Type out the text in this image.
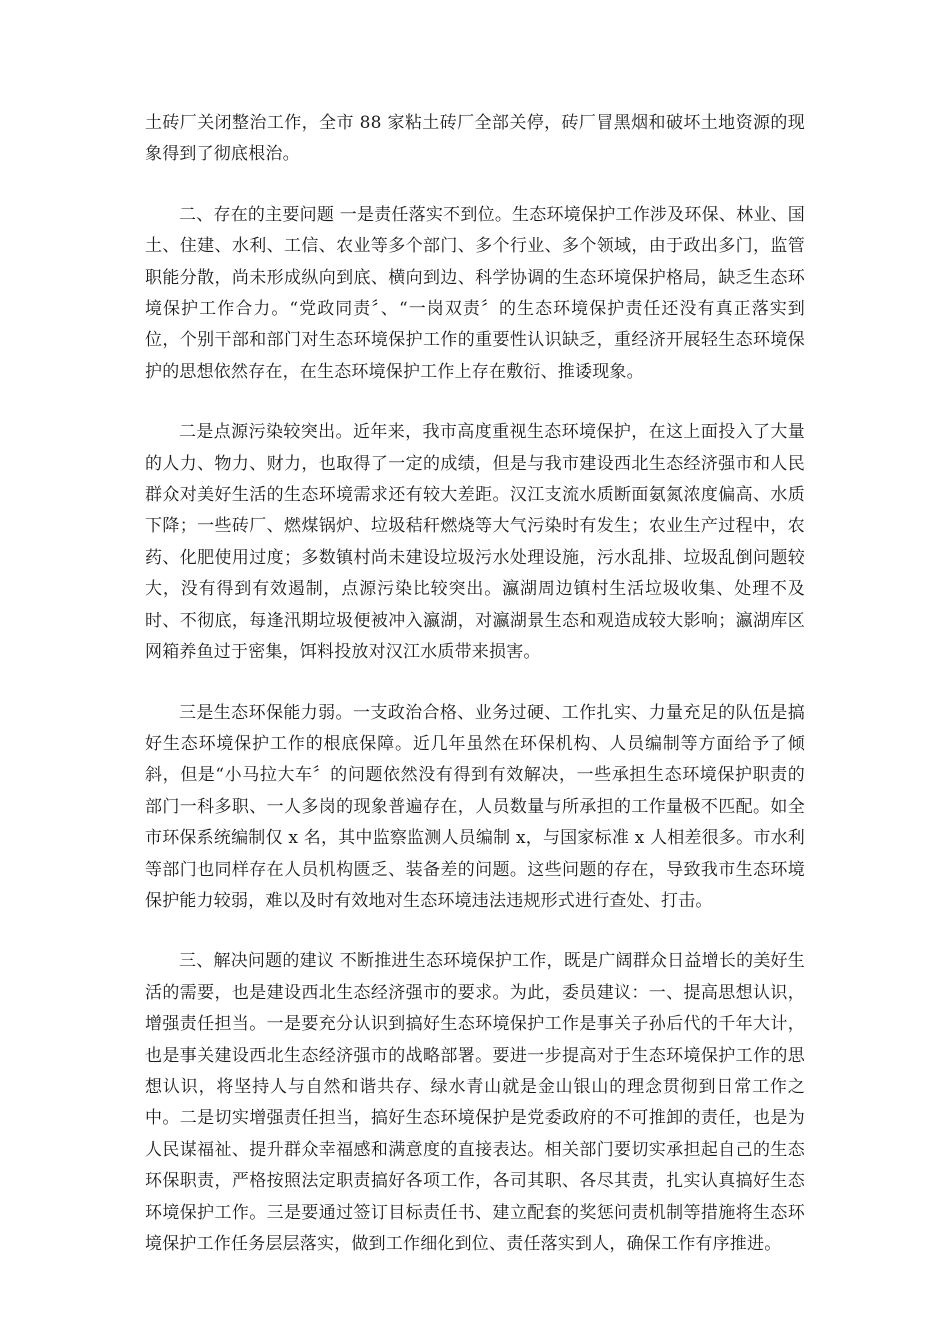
土砖厂关闭整治工作，全市 88 家粘土砖厂全部关停，砖厂冒黑烟和破坏土地资源的现象得到了彻底根治。

二、存在的主要问题 一是责任落实不到位。生态环境保护工作涉及环保、林业、国土、住建、水利、工信、农业等多个部门、多个行业、多个领域，由于政出多门，监管职能分散，尚未形成纵向到底、横向到边、科学协调的生态环境保护格局，缺乏生态环境保护工作合力。“党政同责〞、“一岗双责〞的生态环境保护责任还没有真正落实到位，个别干部和部门对生态环境保护工作的重要性认识缺乏，重经济开展轻生态环境保护的思想依然存在，在生态环境保护工作上存在敷衍、推诿现象。

二是点源污染较突出。近年来，我市高度重视生态环境保护，在这上面投入了大量的人力、物力、财力，也取得了一定的成绩，但是与我市建设西北生态经济强市和人民群众对美好生活的生态环境需求还有较大差距。汉江支流水质断面氨氮浓度偏高、水质下降；一些砖厂、燃煤锅炉、垃圾秸秆燃烧等大气污染时有发生；农业生产过程中，农药、化肥使用过度；多数镇村尚未建设垃圾污水处理设施，污水乱排、垃圾乱倒问题较大，没有得到有效遏制，点源污染比较突出。瀛湖周边镇村生活垃圾收集、处理不及时、不彻底，每逢汛期垃圾便被冲入瀛湖，对瀛湖景生态和观造成较大影响；瀛湖库区网箱养鱼过于密集，饵料投放对汉江水质带来损害。

三是生态环保能力弱。一支政治合格、业务过硬、工作扎实、力量充足的队伍是搞好生态环境保护工作的根底保障。近几年虽然在环保机构、人员编制等方面给予了倾斜，但是“小马拉大车〞的问题依然没有得到有效解决，一些承担生态环境保护职责的部门一科多职、一人多岗的现象普遍存在，人员数量与所承担的工作量极不匹配。如全市环保系统编制仅 x 名，其中监察监测人员编制 x，与国家标准 x 人相差很多。市水利等部门也同样存在人员机构匮乏、装备差的问题。这些问题的存在，导致我市生态环境保护能力较弱，难以及时有效地对生态环境违法违规形式进行查处、打击。

三、解决问题的建议 不断推进生态环境保护工作，既是广阔群众日益增长的美好生活的需要，也是建设西北生态经济强市的要求。为此，委员建议：一、提高思想认识，增强责任担当。一是要充分认识到搞好生态环境保护工作是事关子孙后代的千年大计，也是事关建设西北生态经济强市的战略部署。要进一步提高对于生态环境保护工作的思想认识，将坚持人与自然和谐共存、绿水青山就是金山银山的理念贯彻到日常工作之中。二是切实增强责任担当，搞好生态环境保护是党委政府的不可推卸的责任，也是为人民谋福祉、提升群众幸福感和满意度的直接表达。相关部门要切实承担起自己的生态环保职责，严格按照法定职责搞好各项工作，各司其职、各尽其责，扎实认真搞好生态环境保护工作。三是要通过签订目标责任书、建立配套的奖惩问责机制等措施将生态环境保护工作任务层层落实，做到工作细化到位、责任落实到人，确保工作有序推进。
